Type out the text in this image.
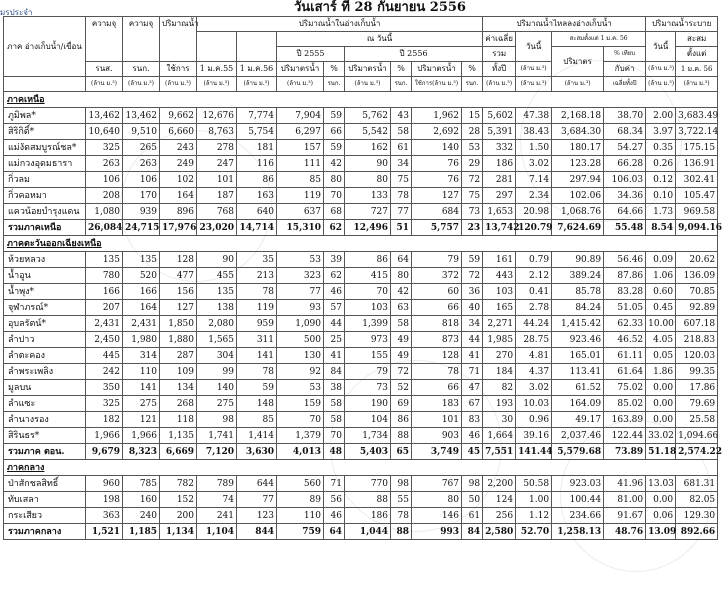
มรประจำ	วันเสาร์ ที่ 28 กันยายน 2556
ภาค อ่างเก็บน้ำ/เขื่อน	ความจุ	ความจุ	ปริมาณน้ำ	ปริมาณน้ำในอ่างเก็บน้ำ								ปริมาณน้ำไหลลงอ่างเก็บน้ำ				ปริมาณน้ำระบาย	
						ณ วันนี้						ค่าเฉลี่ย	วันนี้	สะสมตั้งแต่ 1 ม.ค. 56		วันนี้	สะสม
						ปี 2555		ปี 2556				รวม		ปริมาตร	% เทียบ		ตั้งแต่
	รนส.	รนก.	ใช้การ	1 ม.ค.55	1 ม.ค.56	ปริมาตรน้ำ	%	ปริมาตรน้ำ	%	ปริมาตรน้ำ	%	ทั้งปี	(ล้าน ม.³)		กับค่า	(ล้าน ม.³)	1 ม.ค. 56
	(ล้าน ม.³)	(ล้าน ม.³)	(ล้าน ม.³)	(ล้าน ม.³)	(ล้าน ม.³)	(ล้าน ม.³)	รนก.	(ล้าน ม.³)	รนก.	ใช้การ(ล้าน ม.³)	รนก.	(ล้าน ม.³)	(ล้าน ม.³)	(ล้าน ม.³)	เฉลี่ยทั้งปี	(ล้าน ม.³)	(ล้าน ม.³)
ภาคเหนือ																	
ภูมิพล*	13,462	13,462	9,662	12,676	7,774	7,904	59	5,762	43	1,962	15	5,602	47.38	2,168.18	38.70	2.00	3,683.49
สิริกิติ์*	10,640	9,510	6,660	8,763	5,754	6,297	66	5,542	58	2,692	28	5,391	38.43	3,684.30	68.34	3.97	3,722.14
แม่งัดสมบูรณ์ชล*	325	265	243	278	181	157	59	162	61	140	53	332	1.50	180.17	54.27	0.35	175.15
แม่กวงอุดมธารา	263	263	249	247	116	111	42	90	34	76	29	186	3.02	123.28	66.28	0.26	136.91
กิ่วลม	106	106	102	101	86	85	80	80	75	76	72	281	7.14	297.94	106.03	0.12	302.41
กิ่วคอหมา	208	170	164	187	163	119	70	133	78	127	75	297	2.34	102.06	34.36	0.10	105.47
แควน้อยบำรุงแดน	1,080	939	896	768	640	637	68	727	77	684	73	1,653	20.98	1,068.76	64.66	1.73	969.58
รวมภาคเหนือ	26,084	24,715	17,976	23,020	14,714	15,310	62	12,496	51	5,757	23	13,742	120.79	7,624.69	55.48	8.54	9,094.16
ภาคตะวันออกเฉียงเหนือ																	
ห้วยหลวง	135	135	128	90	35	53	39	86	64	79	59	161	0.79	90.89	56.46	0.09	20.62
น้ำอูน	780	520	477	455	213	323	62	415	80	372	72	443	2.12	389.24	87.86	1.06	136.09
น้ำพุง*	166	166	156	135	78	77	46	70	42	60	36	103	0.41	85.78	83.28	0.60	70.85
จุฬาภรณ์*	207	164	127	138	119	93	57	103	63	66	40	165	2.78	84.24	51.05	0.45	92.89
อุบลรัตน์*	2,431	2,431	1,850	2,080	959	1,090	44	1,399	58	818	34	2,271	44.24	1,415.42	62.33	10.00	607.18
ลำปาว	2,450	1,980	1,880	1,565	311	500	25	973	49	873	44	1,985	28.75	923.46	46.52	4.05	218.83
ลำตะคอง	445	314	287	304	141	130	41	155	49	128	41	270	4.81	165.01	61.11	0.05	120.03
ลำพระเพลิง	242	110	109	99	78	92	84	79	72	78	71	184	4.37	113.41	61.64	1.86	99.35
มูลบน	350	141	134	140	59	53	38	73	52	66	47	82	3.02	61.52	75.02	0.00	17.86
ลำแซะ	325	275	268	275	148	159	58	190	69	183	67	193	10.03	164.09	85.02	0.00	79.69
ลำนางรอง	182	121	118	98	85	70	58	104	86	101	83	30	0.96	49.17	163.89	0.00	25.58
สิรินธร*	1,966	1,966	1,135	1,741	1,414	1,379	70	1,734	88	903	46	1,664	39.16	2,037.46	122.44	33.02	1,094.66
รวมภาค ตอน.	9,679	8,323	6,669	7,120	3,630	4,013	48	5,403	65	3,749	45	7,551	141.44	5,579.68	73.89	51.18	2,574.22
ภาคกลาง																	
ป่าสักชลสิทธิ์	960	785	782	789	644	560	71	770	98	767	98	2,200	50.58	923.03	41.96	13.03	681.31
ทับเสลา	198	160	152	74	77	89	56	88	55	80	50	124	1.00	100.44	81.00	0.00	82.05
กระเสียว	363	240	200	241	123	110	46	186	78	146	61	256	1.12	234.66	91.67	0.06	129.30
รวมภาคกลาง	1,521	1,185	1,134	1,104	844	759	64	1,044	88	993	84	2,580	52.70	1,258.13	48.76	13.09	892.66
